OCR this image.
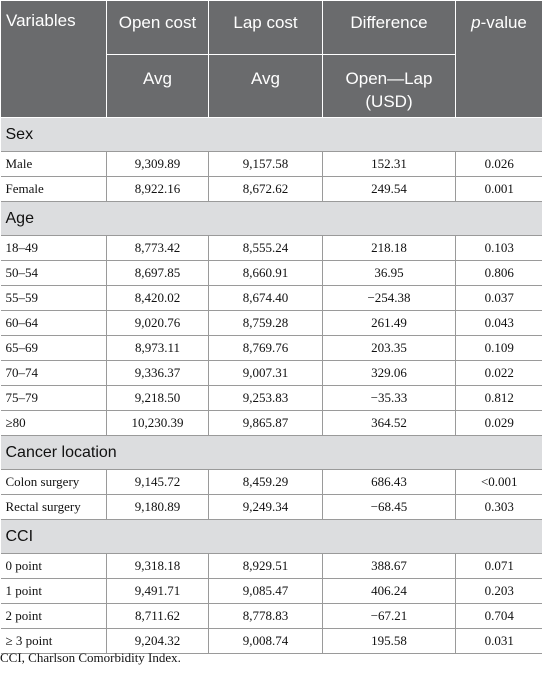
Variables	Open cost	Lap cost	Difference	p-value
	Avg	Avg	Open—Lap (USD)	
Sex				
Male	9,309.89	9,157.58	152.31	0.026
Female	8,922.16	8,672.62	249.54	0.001
Age				
18–49	8,773.42	8,555.24	218.18	0.103
50–54	8,697.85	8,660.91	36.95	0.806
55–59	8,420.02	8,674.40	−254.38	0.037
60–64	9,020.76	8,759.28	261.49	0.043
65–69	8,973.11	8,769.76	203.35	0.109
70–74	9,336.37	9,007.31	329.06	0.022
75–79	9,218.50	9,253.83	−35.33	0.812
≥80	10,230.39	9,865.87	364.52	0.029
Cancer location				
Colon surgery	9,145.72	8,459.29	686.43	<0.001
Rectal surgery	9,180.89	9,249.34	−68.45	0.303
CCI				
0 point	9,318.18	8,929.51	388.67	0.071
1 point	9,491.71	9,085.47	406.24	0.203
2 point	8,711.62	8,778.83	−67.21	0.704
≥ 3 point	9,204.32	9,008.74	195.58	0.031
CCI, Charlson Comorbidity Index.
